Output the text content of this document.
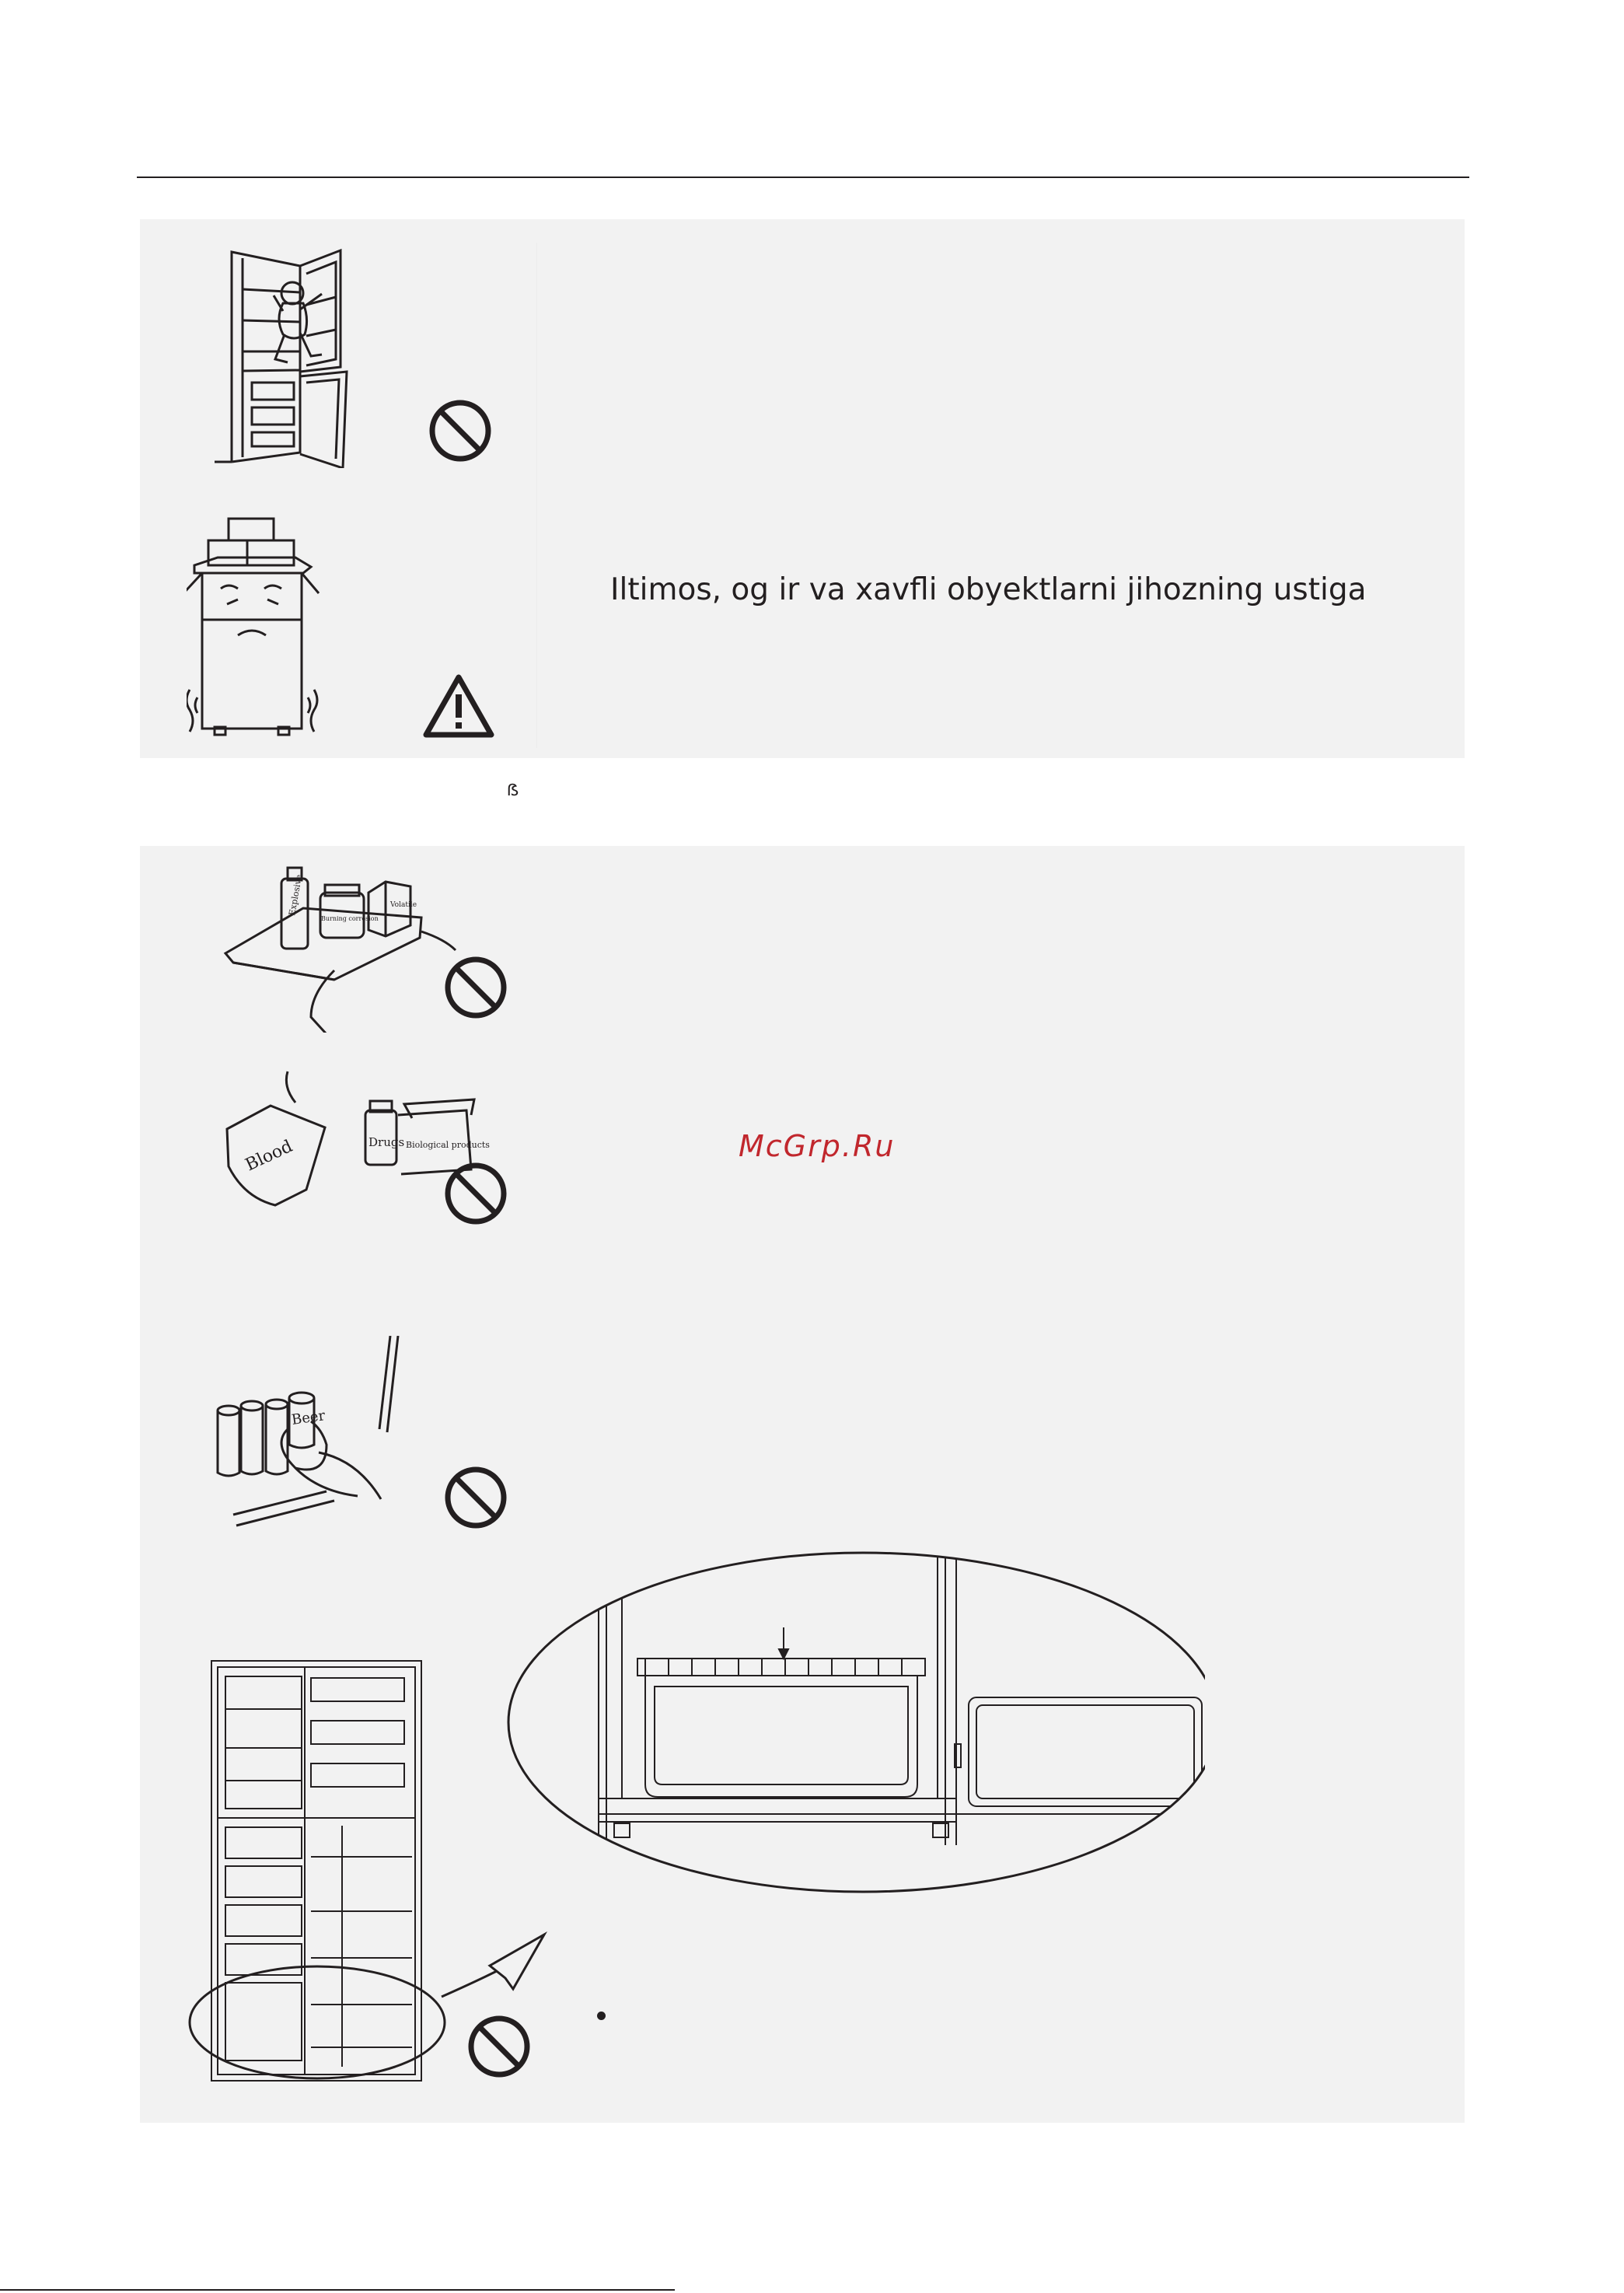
Iltimos, og ir va xavfli obyektlarni jihozning ustiga
ẞ
Explosive
Burning corrosion
Volatile
Blood	Drugs Biological products
Beer
McGrp.Ru
